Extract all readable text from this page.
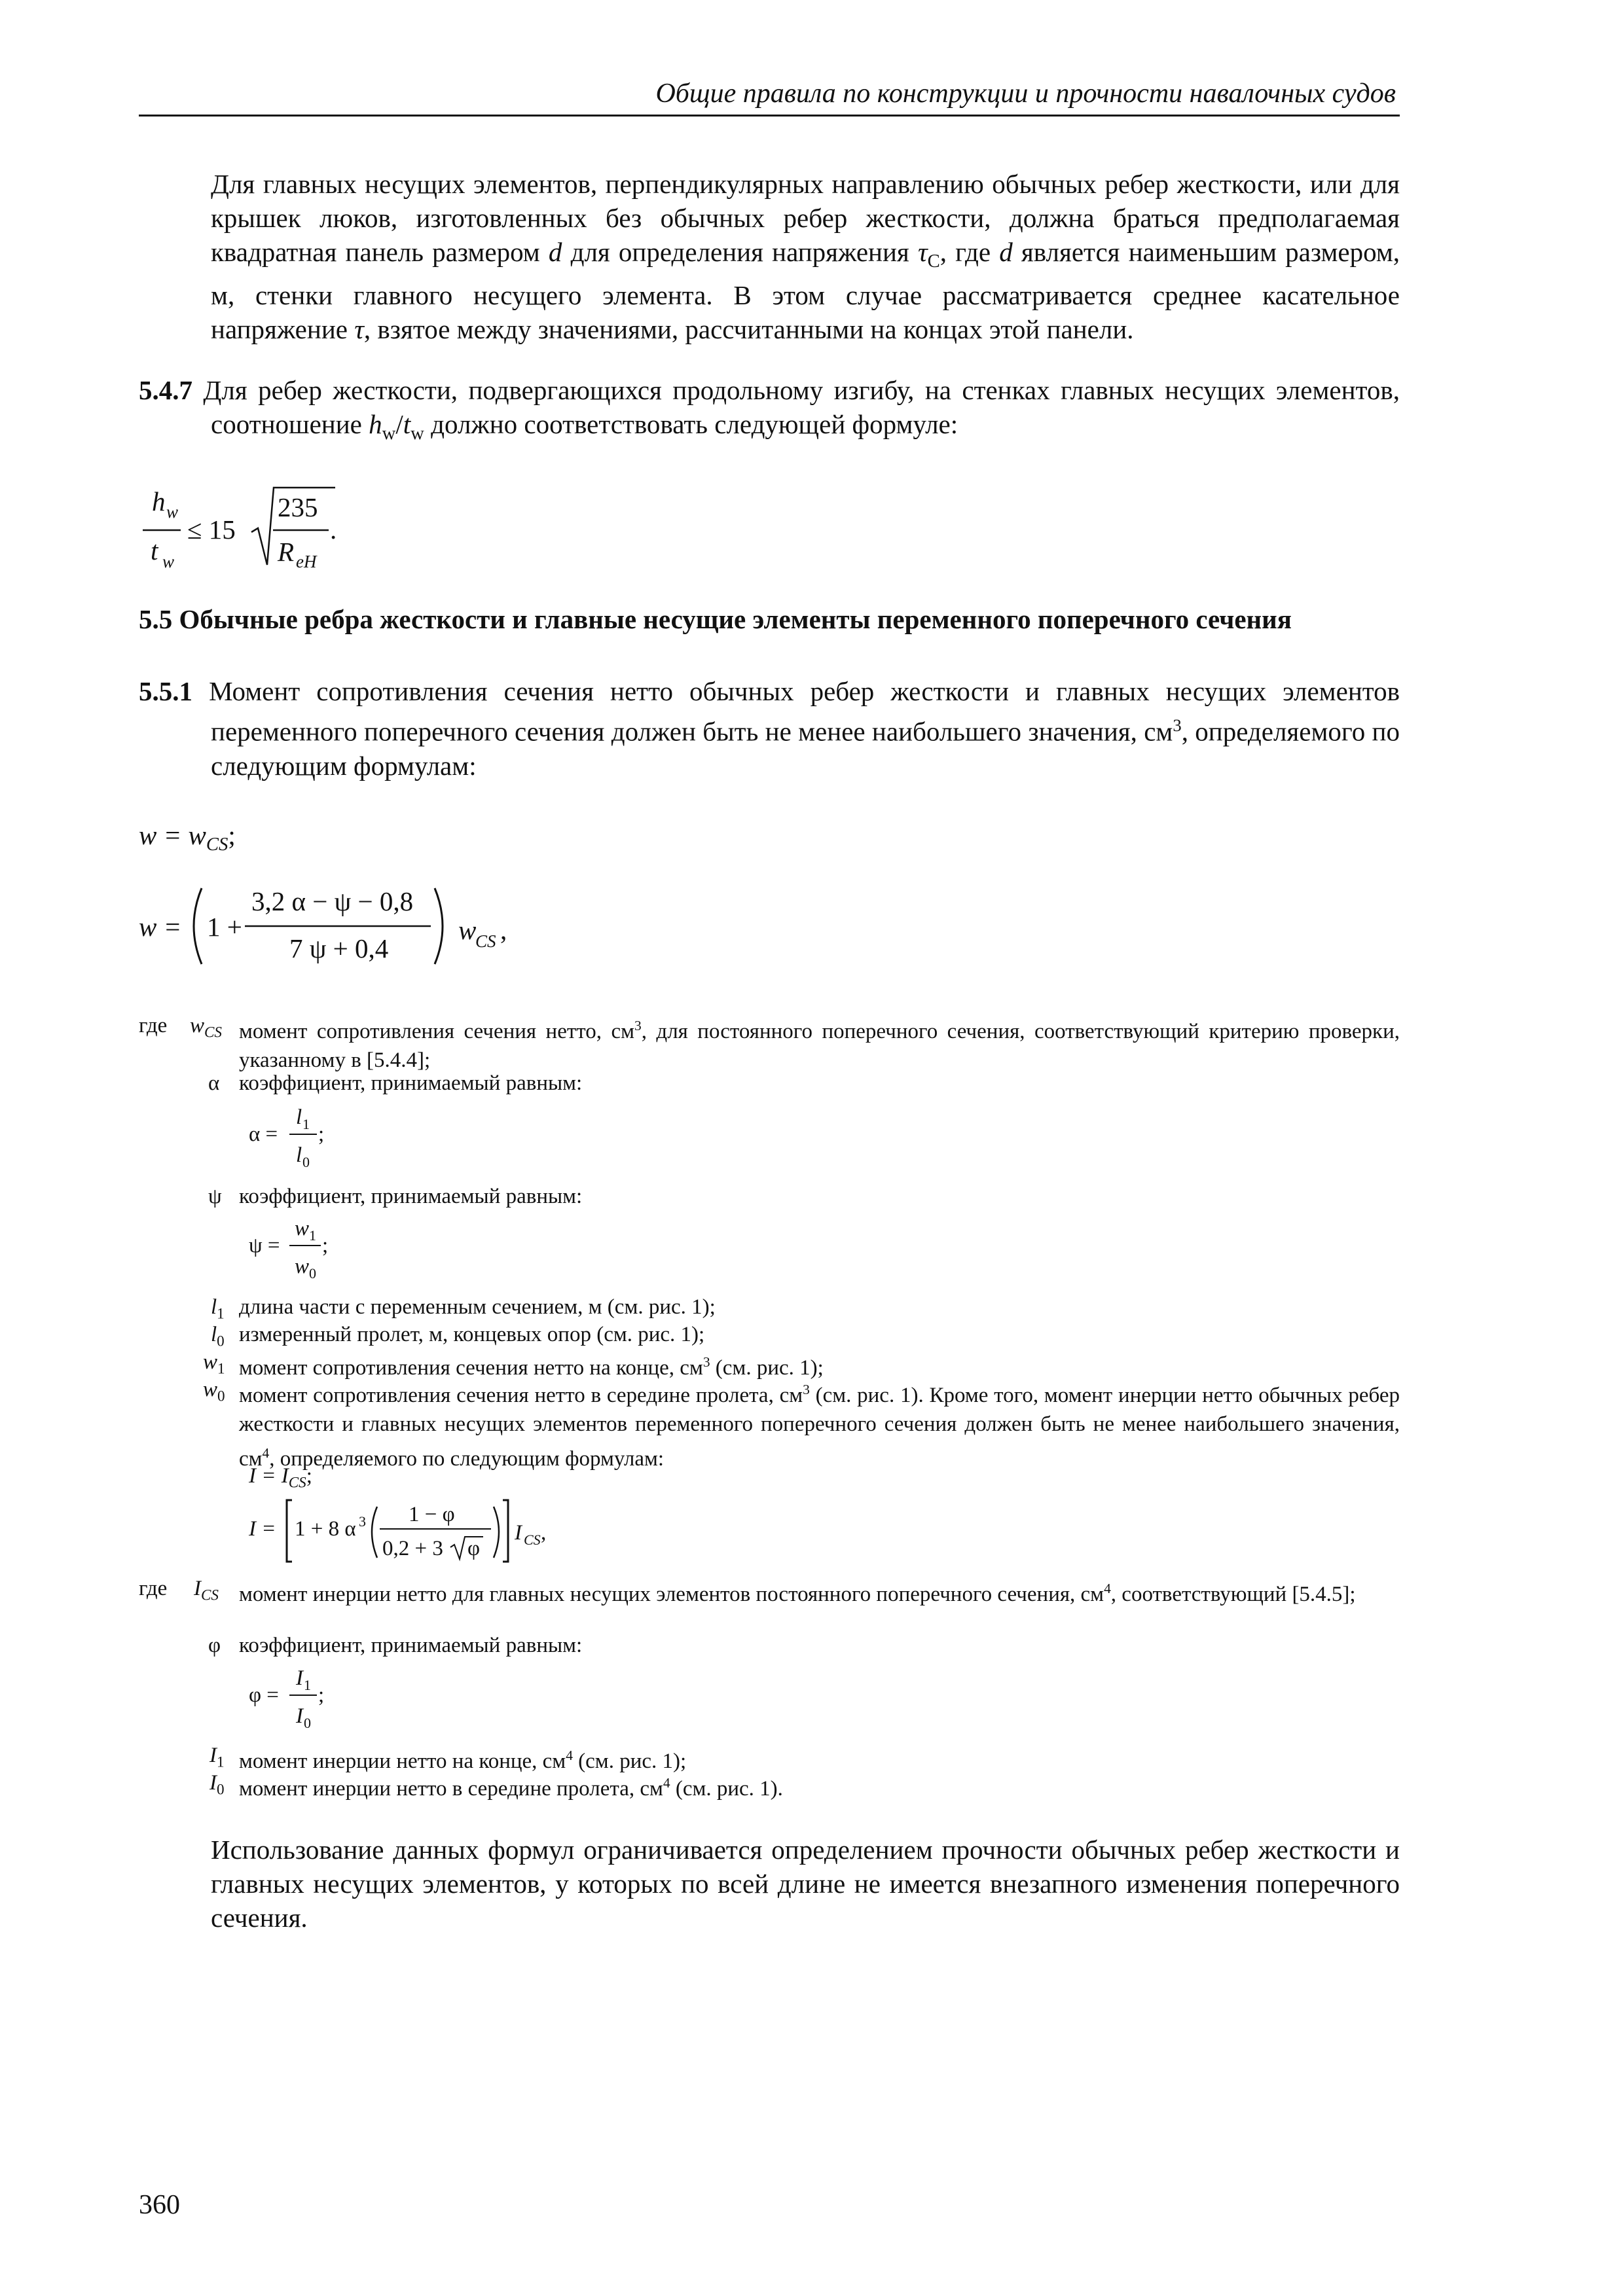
Общие правила по конструкции и прочности навалочных судов
Для главных несущих элементов, перпендикулярных направлению обычных ребер жесткости, или для крышек люков, изготовленных без обычных ребер жесткости, должна браться предполагаемая квадратная панель размером d для определения напряжения $\tau_C$, где d является наименьшим размером, м, стенки главного несущего элемента. В этом случае рассматривается среднее касательное напряжение τ, взятое между значениями, рассчитанными на концах этой панели.
5.4.7 Для ребер жесткости, подвергающихся продольному изгибу, на стенках главных несущих элементов, соотношение $h_w/t_w$ должно соответствовать следующей формуле:
h w
t w
≤ 15
235
R eH
.
5.5 Обычные ребра жесткости и главные несущие элементы переменного поперечного сечения
5.5.1 Момент сопротивления сечения нетто обычных ребер жесткости и главных несущих элементов переменного поперечного сечения должен быть не менее наибольшего значения, $см^3$, определяемого по следующим формулам:
$w = w_{CS}$;
w = 1 +
3,2 α − ψ − 0,8
7 ψ + 0,4
w
CS ,
где $w_{CS}$ момент сопротивления сечения нетто, $см^3$, для постоянного поперечного сечения, соответствующий критерию проверки, указанному в [5.4.4];
α коэффициент, принимаемый равным:
α =
l 1
l 0
;
ψ коэффициент, принимаемый равным:
ψ =
w 1
w 0
;
$l_1$ длина части с переменным сечением, м (см. рис. 1);
$l_0$ измеренный пролет, м, концевых опор (см. рис. 1);
$w_1$ момент сопротивления сечения нетто на конце, $см^3$ (см. рис. 1);
$w_0$ момент сопротивления сечения нетто в середине пролета, $см^3$ (см. рис. 1). Кроме того, момент инерции нетто обычных ребер жесткости и главных несущих элементов переменного поперечного сечения должен быть не менее наибольшего значения, $см^4$, определяемого по следующим формулам:
$I = I_{CS}$;
I = 1 + 8 α 3 1 − φ
0,2 + 3 φ
I CS ,
где $I_{CS}$ момент инерции нетто для главных несущих элементов постоянного поперечного сечения, $см^4$, соответствующий [5.4.5];
φ коэффициент, принимаемый равным:
φ =
I 1
I 0
;
$I_1$ момент инерции нетто на конце, $см^4$ (см. рис. 1);
$I_0$ момент инерции нетто в середине пролета, $см^4$ (см. рис. 1).
Использование данных формул ограничивается определением прочности обычных ребер жесткости и главных несущих элементов, у которых по всей длине не имеется внезапного изменения поперечного сечения.
360
